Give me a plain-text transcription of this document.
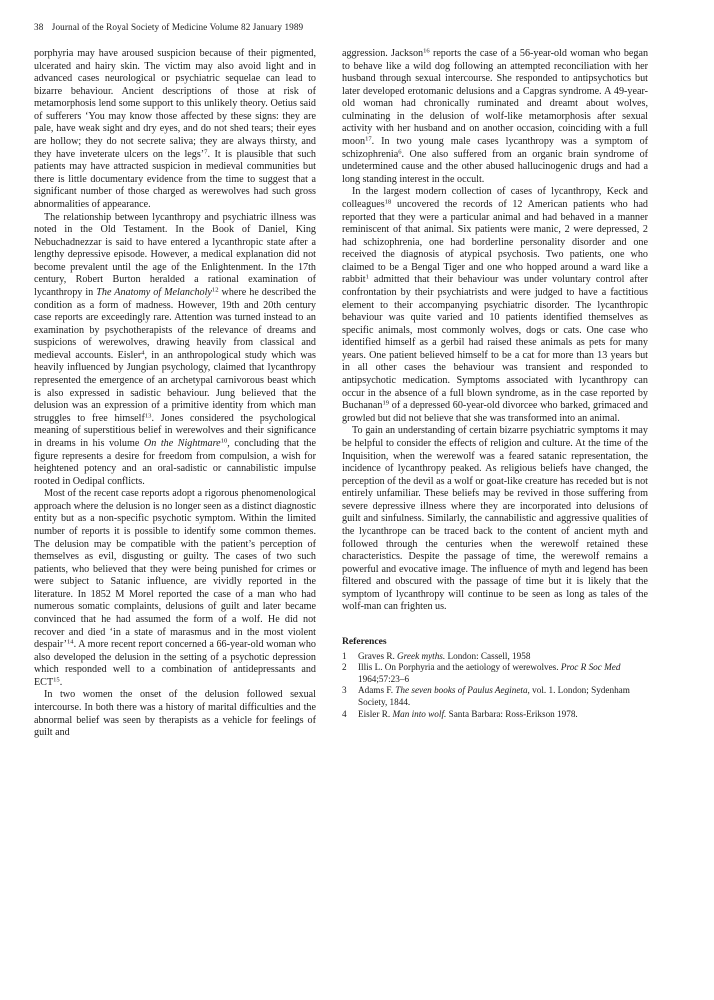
38 Journal of the Royal Society of Medicine Volume 82 January 1989

porphyria may have aroused suspicion because of their pigmented, ulcerated and hairy skin. The victim may also avoid light and in advanced cases neurological or psychiatric sequelae can lead to bizarre behaviour. Ancient descriptions of those at risk of metamorphosis lend some support to this unlikely theory. Oetius said of sufferers ‘You may know those affected by these signs: they are pale, have weak sight and dry eyes, and do not shed tears; their eyes are hollow; they do not secrete saliva; they are always thirsty, and they have inveterate ulcers on the legs’$^7$. It is plausible that such patients may have attracted suspicion in medieval communities but there is little documentary evidence from the time to suggest that a significant number of those charged as werewolves had such gross abnormalities of appearance.

The relationship between lycanthropy and psychiatric illness was noted in the Old Testament. In the Book of Daniel, King Nebuchadnezzar is said to have entered a lycanthropic state after a lengthy depressive episode. However, a medical explanation did not become prevalent until the age of the Enlightenment. In the 17th century, Robert Burton heralded a rational examination of lycanthropy in The Anatomy of Melancholy$^{12}$ where he described the condition as a form of madness. However, 19th and 20th century case reports are exceedingly rare. Attention was turned instead to an examination by psychotherapists of the relevance of dreams and suspicions of werewolves, drawing heavily from classical and medieval accounts. Eisler$^4$, in an anthropological study which was heavily influenced by Jungian psychology, claimed that lycanthropy represented the emergence of an archetypal carnivorous beast which is also expressed in sadistic behaviour. Jung believed that the delusion was an expression of a primitive identity from which man struggles to free himself$^{13}$. Jones considered the psychological meaning of superstitious belief in werewolves and their significance in dreams in his volume On the Nightmare$^{10}$, concluding that the figure represents a desire for freedom from compulsion, a wish for heightened potency and an oral-sadistic or cannabilistic impulse rooted in Oedipal conflicts.

Most of the recent case reports adopt a rigorous phenomenological approach where the delusion is no longer seen as a distinct diagnostic entity but as a non-specific psychotic symptom. Within the limited number of reports it is possible to identify some common themes. The delusion may be compatible with the patient’s perception of themselves as evil, disgusting or guilty. The cases of two such patients, who believed that they were being punished for crimes or were subject to Satanic influence, are vividly reported in the literature. In 1852 M Morel reported the case of a man who had numerous somatic complaints, delusions of guilt and later became convinced that he had assumed the form of a wolf. He did not recover and died ‘in a state of marasmus and in the most violent despair’$^{14}$. A more recent report concerned a 66-year-old woman who also developed the delusion in the setting of a psychotic depression which responded well to a combination of antidepressants and ECT$^{15}$.

In two women the onset of the delusion followed sexual intercourse. In both there was a history of marital difficulties and the abnormal belief was seen by therapists as a vehicle for feelings of guilt and

aggression. Jackson$^{16}$ reports the case of a 56-year-old woman who began to behave like a wild dog following an attempted reconciliation with her husband through sexual intercourse. She responded to antipsychotics but later developed erotomanic delusions and a Capgras syndrome. A 49-year-old woman had chronically ruminated and dreamt about wolves, culminating in the delusion of wolf-like metamorphosis after sexual activity with her husband and on another occasion, coinciding with a full moon$^{17}$. In two young male cases lycanthropy was a symptom of schizophrenia$^6$. One also suffered from an organic brain syndrome of undetermined cause and the other abused hallucinogenic drugs and had a long standing interest in the occult.

In the largest modern collection of cases of lycanthropy, Keck and colleagues$^{18}$ uncovered the records of 12 American patients who had reported that they were a particular animal and had behaved in a manner reminiscent of that animal. Six patients were manic, 2 were depressed, 2 had schizophrenia, one had borderline personality disorder and one received the diagnosis of atypical psychosis. Two patients, one who claimed to be a Bengal Tiger and one who hopped around a ward like a rabbit$^1$ admitted that their behaviour was under voluntary control after confrontation by their psychiatrists and were judged to have a factitious element to their accompanying psychiatric disorder. The lycanthropic behaviour was quite varied and 10 patients identified themselves as specific animals, most commonly wolves, dogs or cats. One case who identified himself as a gerbil had raised these animals as pets for many years. One patient believed himself to be a cat for more than 13 years but in all other cases the behaviour was transient and responded to antipsychotic medication. Symptoms associated with lycanthropy can occur in the absence of a full blown syndrome, as in the case reported by Buchanan$^{19}$ of a depressed 60-year-old divorcee who barked, grimaced and growled but did not believe that she was transformed into an animal.

To gain an understanding of certain bizarre psychiatric symptoms it may be helpful to consider the effects of religion and culture. At the time of the Inquisition, when the werewolf was a feared satanic representation, the incidence of lycanthropy peaked. As religious beliefs have changed, the perception of the devil as a wolf or goat-like creature has receded but is not entirely unfamiliar. These beliefs may be revived in those suffering from severe depressive illness where they are incorporated into delusions of guilt and sinfulness. Similarly, the cannabilistic and aggressive qualities of the lycanthrope can be traced back to the content of ancient myth and followed through the centuries when the werewolf retained these characteristics. Despite the passage of time, the werewolf remains a powerful and evocative image. The influence of myth and legend has been filtered and obscured with the passage of time but it is likely that the symptom of lycanthropy will continue to be seen as long as tales of the wolf-man can frighten us.

References
1 Graves R. Greek myths. London: Cassell, 1958
2 Illis L. On Porphyria and the aetiology of werewolves. Proc R Soc Med 1964;57:23–6
3 Adams F. The seven books of Paulus Aegineta, vol. 1. London; Sydenham Society, 1844.
4 Eisler R. Man into wolf. Santa Barbara: Ross-Erikson 1978.
